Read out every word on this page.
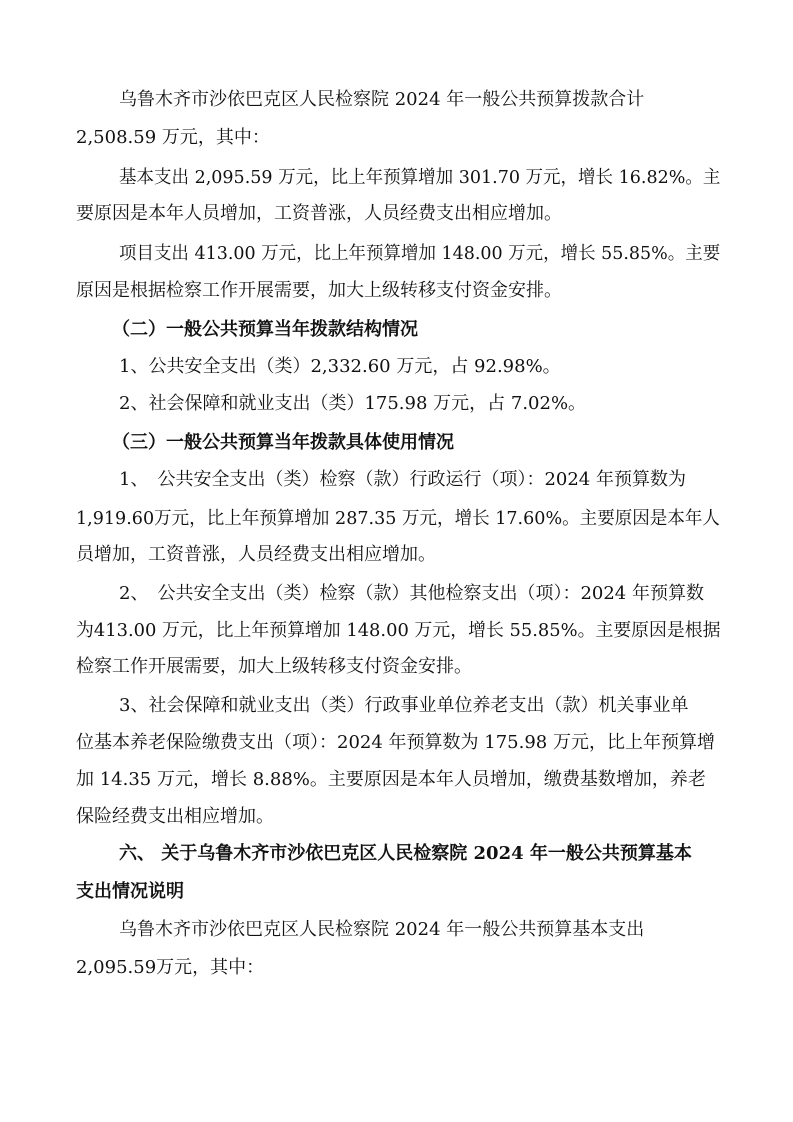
乌鲁木齐市沙依巴克区人民检察院 2024 年一般公共预算拨款合计
2,508.59 万元，其中：
基本支出 2,095.59 万元，比上年预算增加 301.70 万元，增长 16.82%。主
要原因是本年人员增加，工资普涨，人员经费支出相应增加。
项目支出 413.00 万元，比上年预算增加 148.00 万元，增长 55.85%。主要
原因是根据检察工作开展需要，加大上级转移支付资金安排。
（二）一般公共预算当年拨款结构情况
1、公共安全支出（类）2,332.60 万元，占 92.98%。
2、社会保障和就业支出（类）175.98 万元，占 7.02%。
（三）一般公共预算当年拨款具体使用情况
1、　公共安全支出（类）检察（款）行政运行（项）：2024 年预算数为
1,919.60万元，比上年预算增加 287.35 万元，增长 17.60%。主要原因是本年人
员增加，工资普涨，人员经费支出相应增加。
2、　公共安全支出（类）检察（款）其他检察支出（项）：2024 年预算数
为413.00 万元，比上年预算增加 148.00 万元，增长 55.85%。主要原因是根据
检察工作开展需要，加大上级转移支付资金安排。
3、社会保障和就业支出（类）行政事业单位养老支出（款）机关事业单
位基本养老保险缴费支出（项）：2024 年预算数为 175.98 万元，比上年预算增
加 14.35 万元，增长 8.88%。主要原因是本年人员增加，缴费基数增加，养老
保险经费支出相应增加。
六、 关于乌鲁木齐市沙依巴克区人民检察院 2024 年一般公共预算基本
支出情况说明
乌鲁木齐市沙依巴克区人民检察院 2024 年一般公共预算基本支出
2,095.59万元，其中：
